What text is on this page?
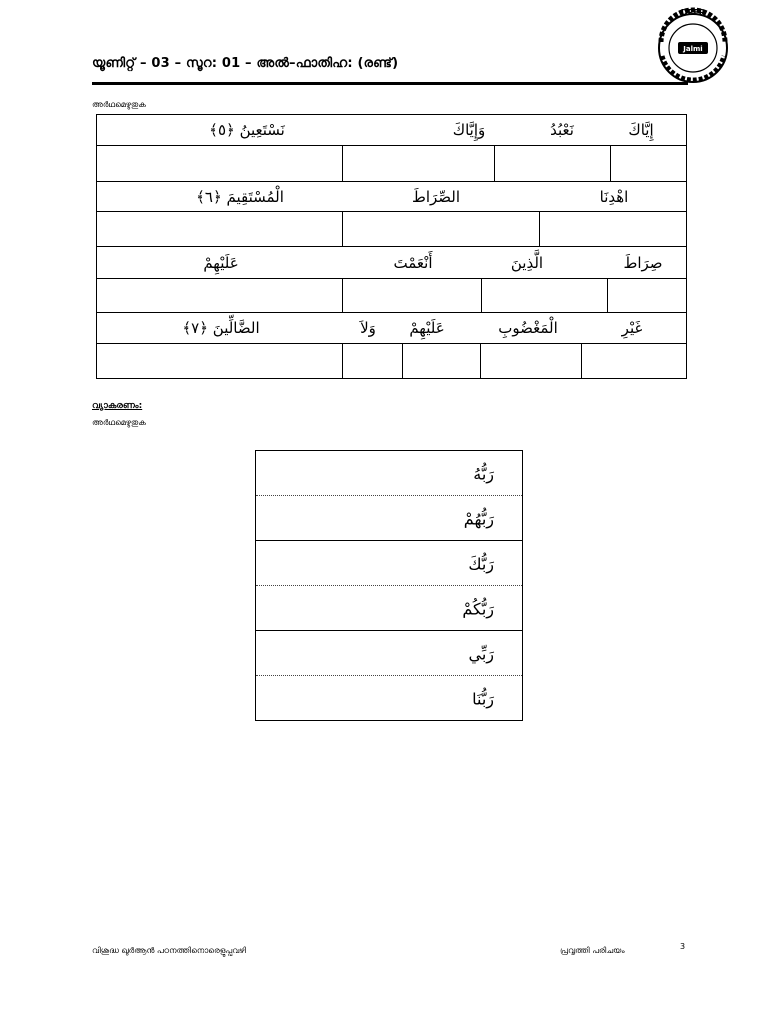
യൂണിറ്റ് – 03 – സൂറ: 01 – അൽ–ഫാതിഹ: (രണ്ട്)
Jalmi
DPFR
അർഥമെഴുതുക
إِيَّاكَ
نَعْبُدُ
وَإِيَّاكَ
نَسْتَعِينُ ﴿٥﴾
اهْدِنَا
الصِّرَاطَ
الْمُسْتَقِيمَ ﴿٦﴾
صِرَاطَ
الَّذِينَ
أَنْعَمْتَ
عَلَيْهِمْ
غَيْرِ
الْمَغْضُوبِ
عَلَيْهِمْ
وَلاَ
الضَّالِّينَ ﴿٧﴾
വ്യാകരണം:
അർഥമെഴുതുക
رَبُّهُ
رَبُّهُمْ
رَبُّكَ
رَبُّكُمْ
رَبِّي
رَبُّنَا
വിശുദ്ധ ഖുർആൻ പഠനത്തിനൊരെളുപ്പവഴി	പ്രവൃത്തി പരിചയം	3
